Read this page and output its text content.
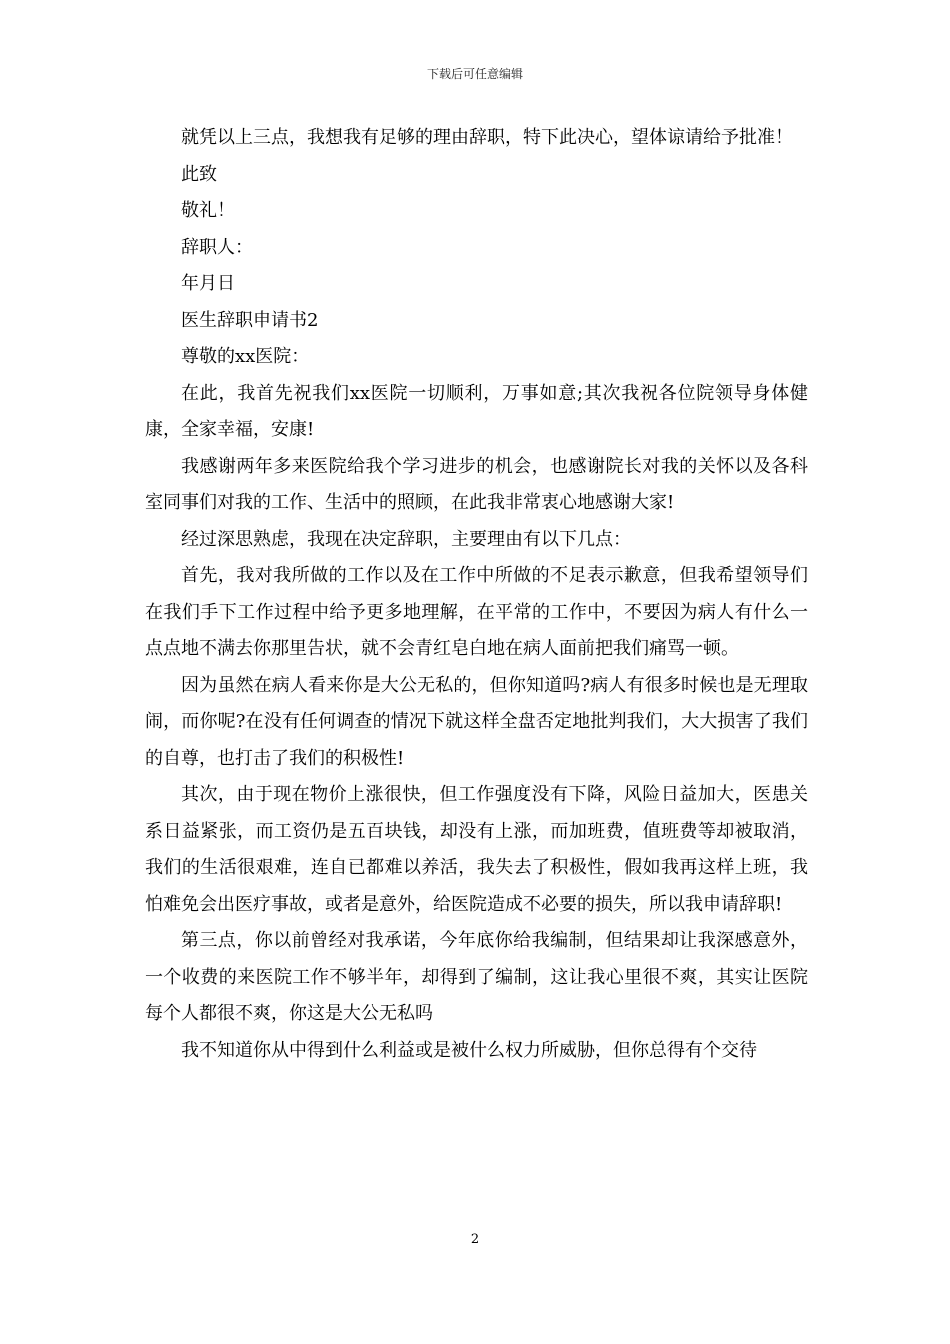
下载后可任意编辑

就凭以上三点，我想我有足够的理由辞职，特下此决心，望体谅请给予批准！

此致

敬礼！

辞职人：

年月日

医生辞职申请书2

尊敬的xx医院：

在此，我首先祝我们xx医院一切顺利，万事如意;其次我祝各位院领导身体健康，全家幸福，安康!

我感谢两年多来医院给我个学习进步的机会，也感谢院长对我的关怀以及各科室同事们对我的工作、生活中的照顾，在此我非常衷心地感谢大家!

经过深思熟虑，我现在决定辞职，主要理由有以下几点：

首先，我对我所做的工作以及在工作中所做的不足表示歉意，但我希望领导们在我们手下工作过程中给予更多地理解，在平常的工作中，不要因为病人有什么一点点地不满去你那里告状，就不会青红皂白地在病人面前把我们痛骂一顿。

因为虽然在病人看来你是大公无私的，但你知道吗?病人有很多时候也是无理取闹，而你呢?在没有任何调查的情况下就这样全盘否定地批判我们，大大损害了我们的自尊，也打击了我们的积极性!

其次，由于现在物价上涨很快，但工作强度没有下降，风险日益加大，医患关系日益紧张，而工资仍是五百块钱，却没有上涨，而加班费，值班费等却被取消，我们的生活很艰难，连自已都难以养活，我失去了积极性，假如我再这样上班，我怕难免会出医疗事故，或者是意外，给医院造成不必要的损失，所以我申请辞职!

第三点，你以前曾经对我承诺，今年底你给我编制，但结果却让我深感意外，一个收费的来医院工作不够半年，却得到了编制，这让我心里很不爽，其实让医院每个人都很不爽，你这是大公无私吗

我不知道你从中得到什么利益或是被什么权力所威胁，但你总得有个交待

2
